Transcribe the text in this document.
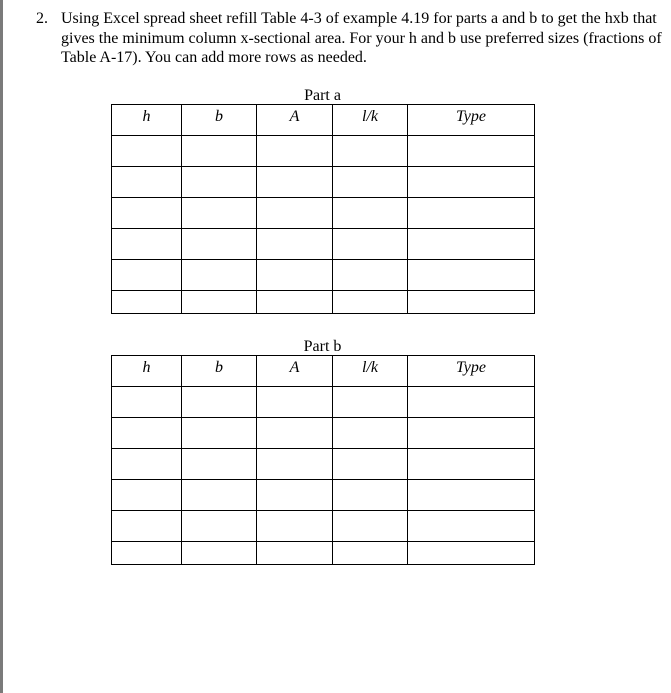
2. Using Excel spread sheet refill Table 4-3 of example 4.19 for parts a and b to get the hxb that gives the minimum column x-sectional area. For your h and b use preferred sizes (fractions of Table A-17). You can add more rows as needed.

Part a
h	b	A	l/k	Type

Part b
h	b	A	l/k	Type
